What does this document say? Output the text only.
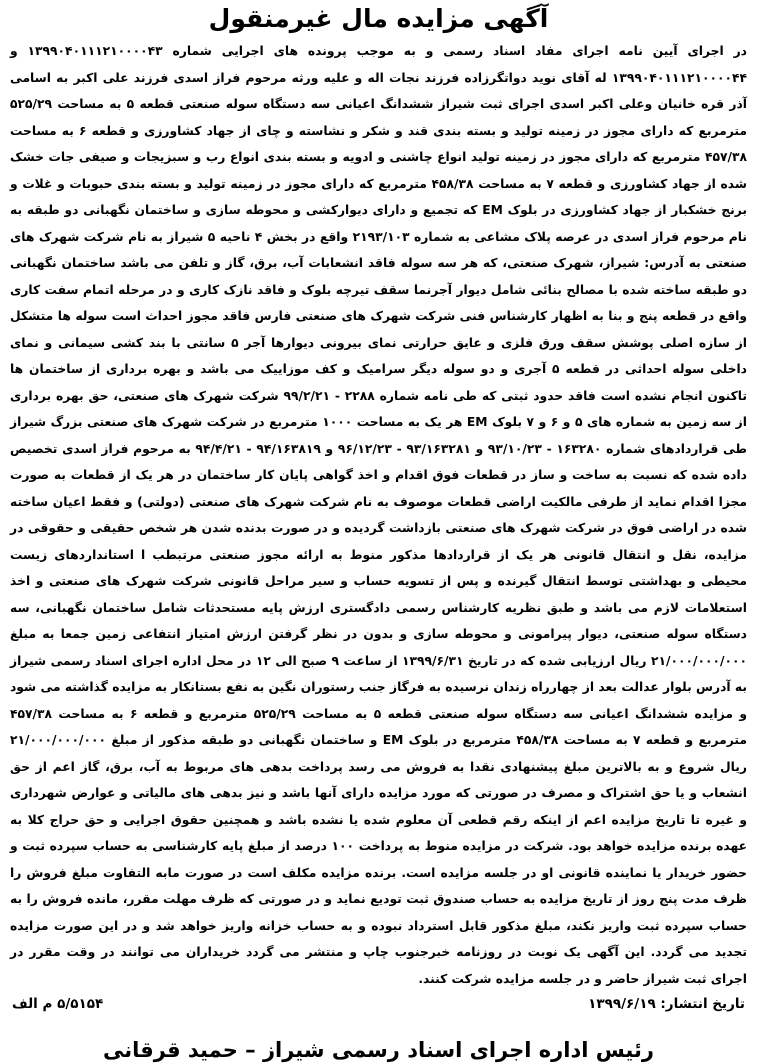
آگهی مزایده مال غیرمنقول

در اجرای آیین نامه اجرای مفاد اسناد رسمی و به موجب پرونده های اجرایی شماره ۱۳۹۹۰۴۰۱۱۱۲۱۰۰۰۰۴۳ و ۱۳۹۹۰۴۰۱۱۱۲۱۰۰۰۰۴۴ له آقای نوید دواتگرزاده فرزند نجات اله و علیه ورثه مرحوم فراز اسدی فرزند علی اکبر به اسامی آذر قره خانیان وعلی اکبر اسدی اجرای ثبت شیراز ششدانگ اعیانی سه دستگاه سوله صنعتی قطعه ۵ به مساحت ۵۲۵/۲۹ مترمربع که دارای مجوز در زمینه تولید و بسته بندی قند و شکر و نشاسته و چای از جهاد کشاورزی و قطعه ۶ به مساحت ۴۵۷/۳۸ مترمربع که دارای مجوز در زمینه تولید انواع چاشنی و ادویه و بسته بندی انواع رب و سبزیجات و صیفی جات خشک شده از جهاد کشاورزی و قطعه ۷ به مساحت ۴۵۸/۳۸ مترمربع که دارای مجوز در زمینه تولید و بسته بندی حبوبات و غلات و برنج خشکبار از جهاد کشاورزی در بلوک EM که تجمیع و دارای دیوارکشی و محوطه سازی و ساختمان نگهبانی دو طبقه به نام مرحوم فراز اسدی در عرصه پلاک مشاعی به شماره ۲۱۹۳/۱۰۳ واقع در بخش ۴ ناحیه ۵ شیراز به نام شرکت شهرک های صنعتی به آدرس: شیراز، شهرک صنعتی، که هر سه سوله فاقد انشعابات آب، برق، گاز و تلفن می باشد ساختمان نگهبانی دو طبقه ساخته شده با مصالح بنائی شامل دیوار آجرنما سقف تیرچه بلوک و فاقد نازک کاری و در مرحله اتمام سفت کاری واقع در قطعه پنج و بنا به اظهار کارشناس فنی شرکت شهرک های صنعتی فارس فاقد مجوز احداث است سوله ها متشکل از سازه اصلی پوشش سقف ورق فلزی و عایق حرارتی نمای بیرونی دیوارها آجر ۵ سانتی با بند کشی سیمانی و نمای داخلی سوله احداثی در قطعه ۵ آجری و دو سوله دیگر سرامیک و کف موزاییک می باشد و بهره برداری از ساختمان ها تاکنون انجام نشده است فاقد حدود ثبتی که طی نامه شماره ۲۲۸۸ - ۹۹/۲/۲۱ شرکت شهرک های صنعتی، حق بهره برداری از سه زمین به شماره های ۵ و ۶ و ۷ بلوک EM هر یک به مساحت ۱۰۰۰ مترمربع در شرکت شهرک های صنعتی بزرگ شیراز طی قراردادهای شماره ۱۶۳۲۸۰ - ۹۳/۱۰/۲۳ و ۹۳/۱۶۳۲۸۱ - ۹۶/۱۲/۲۳ و ۹۴/۱۶۳۸۱۹ - ۹۴/۴/۲۱ به مرحوم فراز اسدی تخصیص داده شده که نسبت به ساخت و ساز در قطعات فوق اقدام و اخذ گواهی پایان کار ساختمان در هر یک از قطعات به صورت مجزا اقدام نماید از طرفی مالکیت اراضی قطعات موصوف به نام شرکت شهرک های صنعتی (دولتی) و فقط اعیان ساخته شده در اراضی فوق در شرکت شهرک های صنعتی بازداشت گردیده و در صورت بدنده شدن هر شخص حقیقی و حقوقی در مزایده، نقل و انتقال قانونی هر یک از قراردادها مذکور منوط به ارائه مجوز صنعتی مرتبطب ا استانداردهای زیست محیطی و بهداشتی توسط انتقال گیرنده و پس از تسویه حساب و سیر مراحل قانونی شرکت شهرک های صنعتی و اخذ استعلامات لازم می باشد و طبق نظریه کارشناس رسمی دادگستری ارزش پایه مستحدثات شامل ساختمان نگهبانی، سه دستگاه سوله صنعتی، دیوار پیرامونی و محوطه سازی و بدون در نظر گرفتن ارزش امتیاز انتفاعی زمین جمعا به مبلغ ۲۱/۰۰۰/۰۰۰/۰۰۰ ریال ارزیابی شده که در تاریخ ۱۳۹۹/۶/۳۱ از ساعت ۹ صبح الی ۱۲ در محل اداره اجرای اسناد رسمی شیراز به آدرس بلوار عدالت بعد از چهارراه زندان نرسیده به فرگاز جنب رستوران نگین به نفع بستانکار به مزایده گذاشته می شود و مزایده ششدانگ اعیانی سه دستگاه سوله صنعتی قطعه ۵ به مساحت ۵۲۵/۲۹ مترمربع و قطعه ۶ به مساحت ۴۵۷/۳۸ مترمربع و قطعه ۷ به مساحت ۴۵۸/۳۸ مترمربع در بلوک EM و ساختمان نگهبانی دو طبقه مذکور از مبلغ ۲۱/۰۰۰/۰۰۰/۰۰۰ ریال شروع و به بالاترین مبلغ پیشنهادی نقدا به فروش می رسد پرداخت بدهی های مربوط به آب، برق، گاز اعم از حق انشعاب و یا حق اشتراک و مصرف در صورتی که مورد مزایده دارای آنها باشد و نیز بدهی های مالیاتی و عوارض شهرداری و غیره تا تاریخ مزایده اعم از اینکه رقم قطعی آن معلوم شده یا نشده باشد و همچنین حقوق اجرایی و حق حراج کلا به عهده برنده مزایده خواهد بود. شرکت در مزایده منوط به پرداخت ۱۰۰ درصد از مبلغ پایه کارشناسی به حساب سپرده ثبت و حضور خریدار یا نماینده قانونی او در جلسه مزایده است. برنده مزایده مکلف است در صورت مابه التفاوت مبلغ فروش را ظرف مدت پنج روز از تاریخ مزایده به حساب صندوق ثبت تودیع نماید و در صورتی که ظرف مهلت مقرر، مانده فروش را به حساب سپرده ثبت واریز نکند، مبلغ مذکور قابل استرداد نبوده و به حساب خزانه واریز خواهد شد و در این صورت مزایده تجدید می گردد. این آگهی یک نوبت در روزنامه خبرجنوب چاپ و منتشر می گردد خریداران می توانند در وقت مقرر در اجرای ثبت شیراز حاضر و در جلسه مزایده شرکت کنند.

تاریخ انتشار: ۱۳۹۹/۶/۱۹
۵/۵۱۵۴ م الف
رئیس اداره اجرای اسناد رسمی شیراز – حمید قرقانی
